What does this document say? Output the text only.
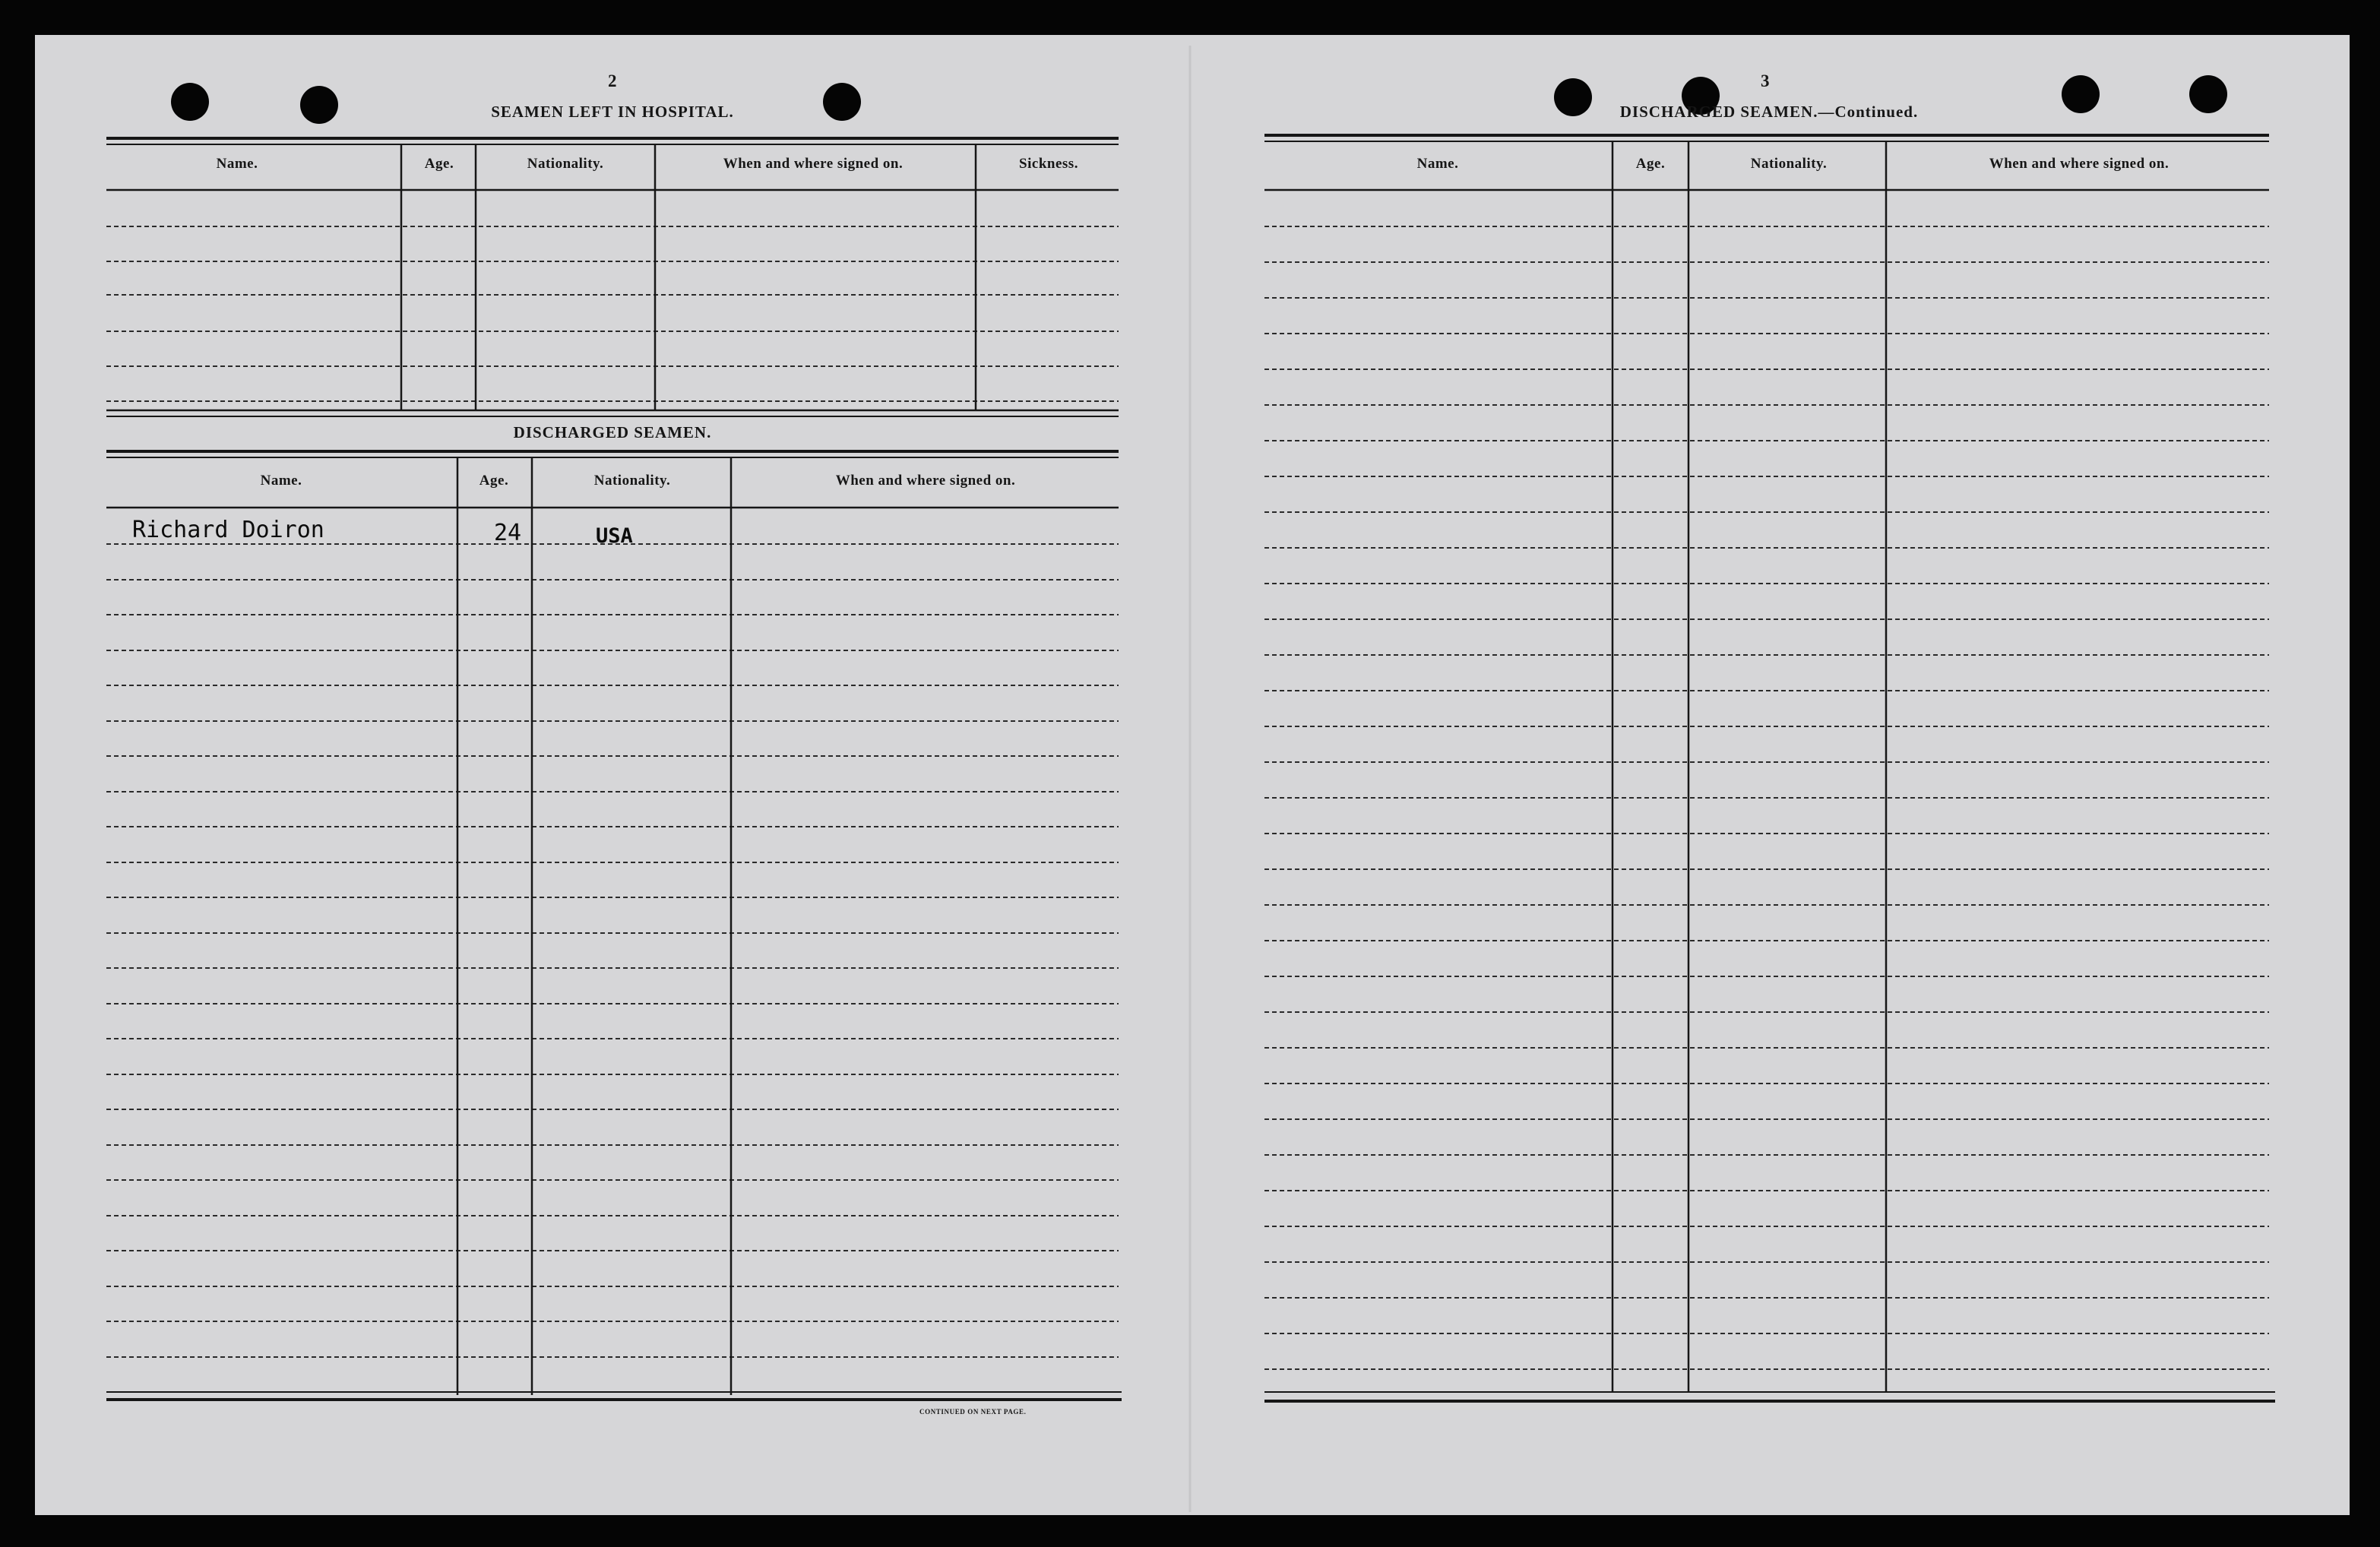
2
SEAMEN LEFT IN HOSPITAL.
Name.	Age.	Nationality.	When and where signed on.	Sickness.
DISCHARGED SEAMEN.
Name.	Age.	Nationality.	When and where signed on.
Richard Doiron	24	USA
CONTINUED ON NEXT PAGE.
3
DISCHARGED SEAMEN.—Continued.
Name.	Age.	Nationality.	When and where signed on.
